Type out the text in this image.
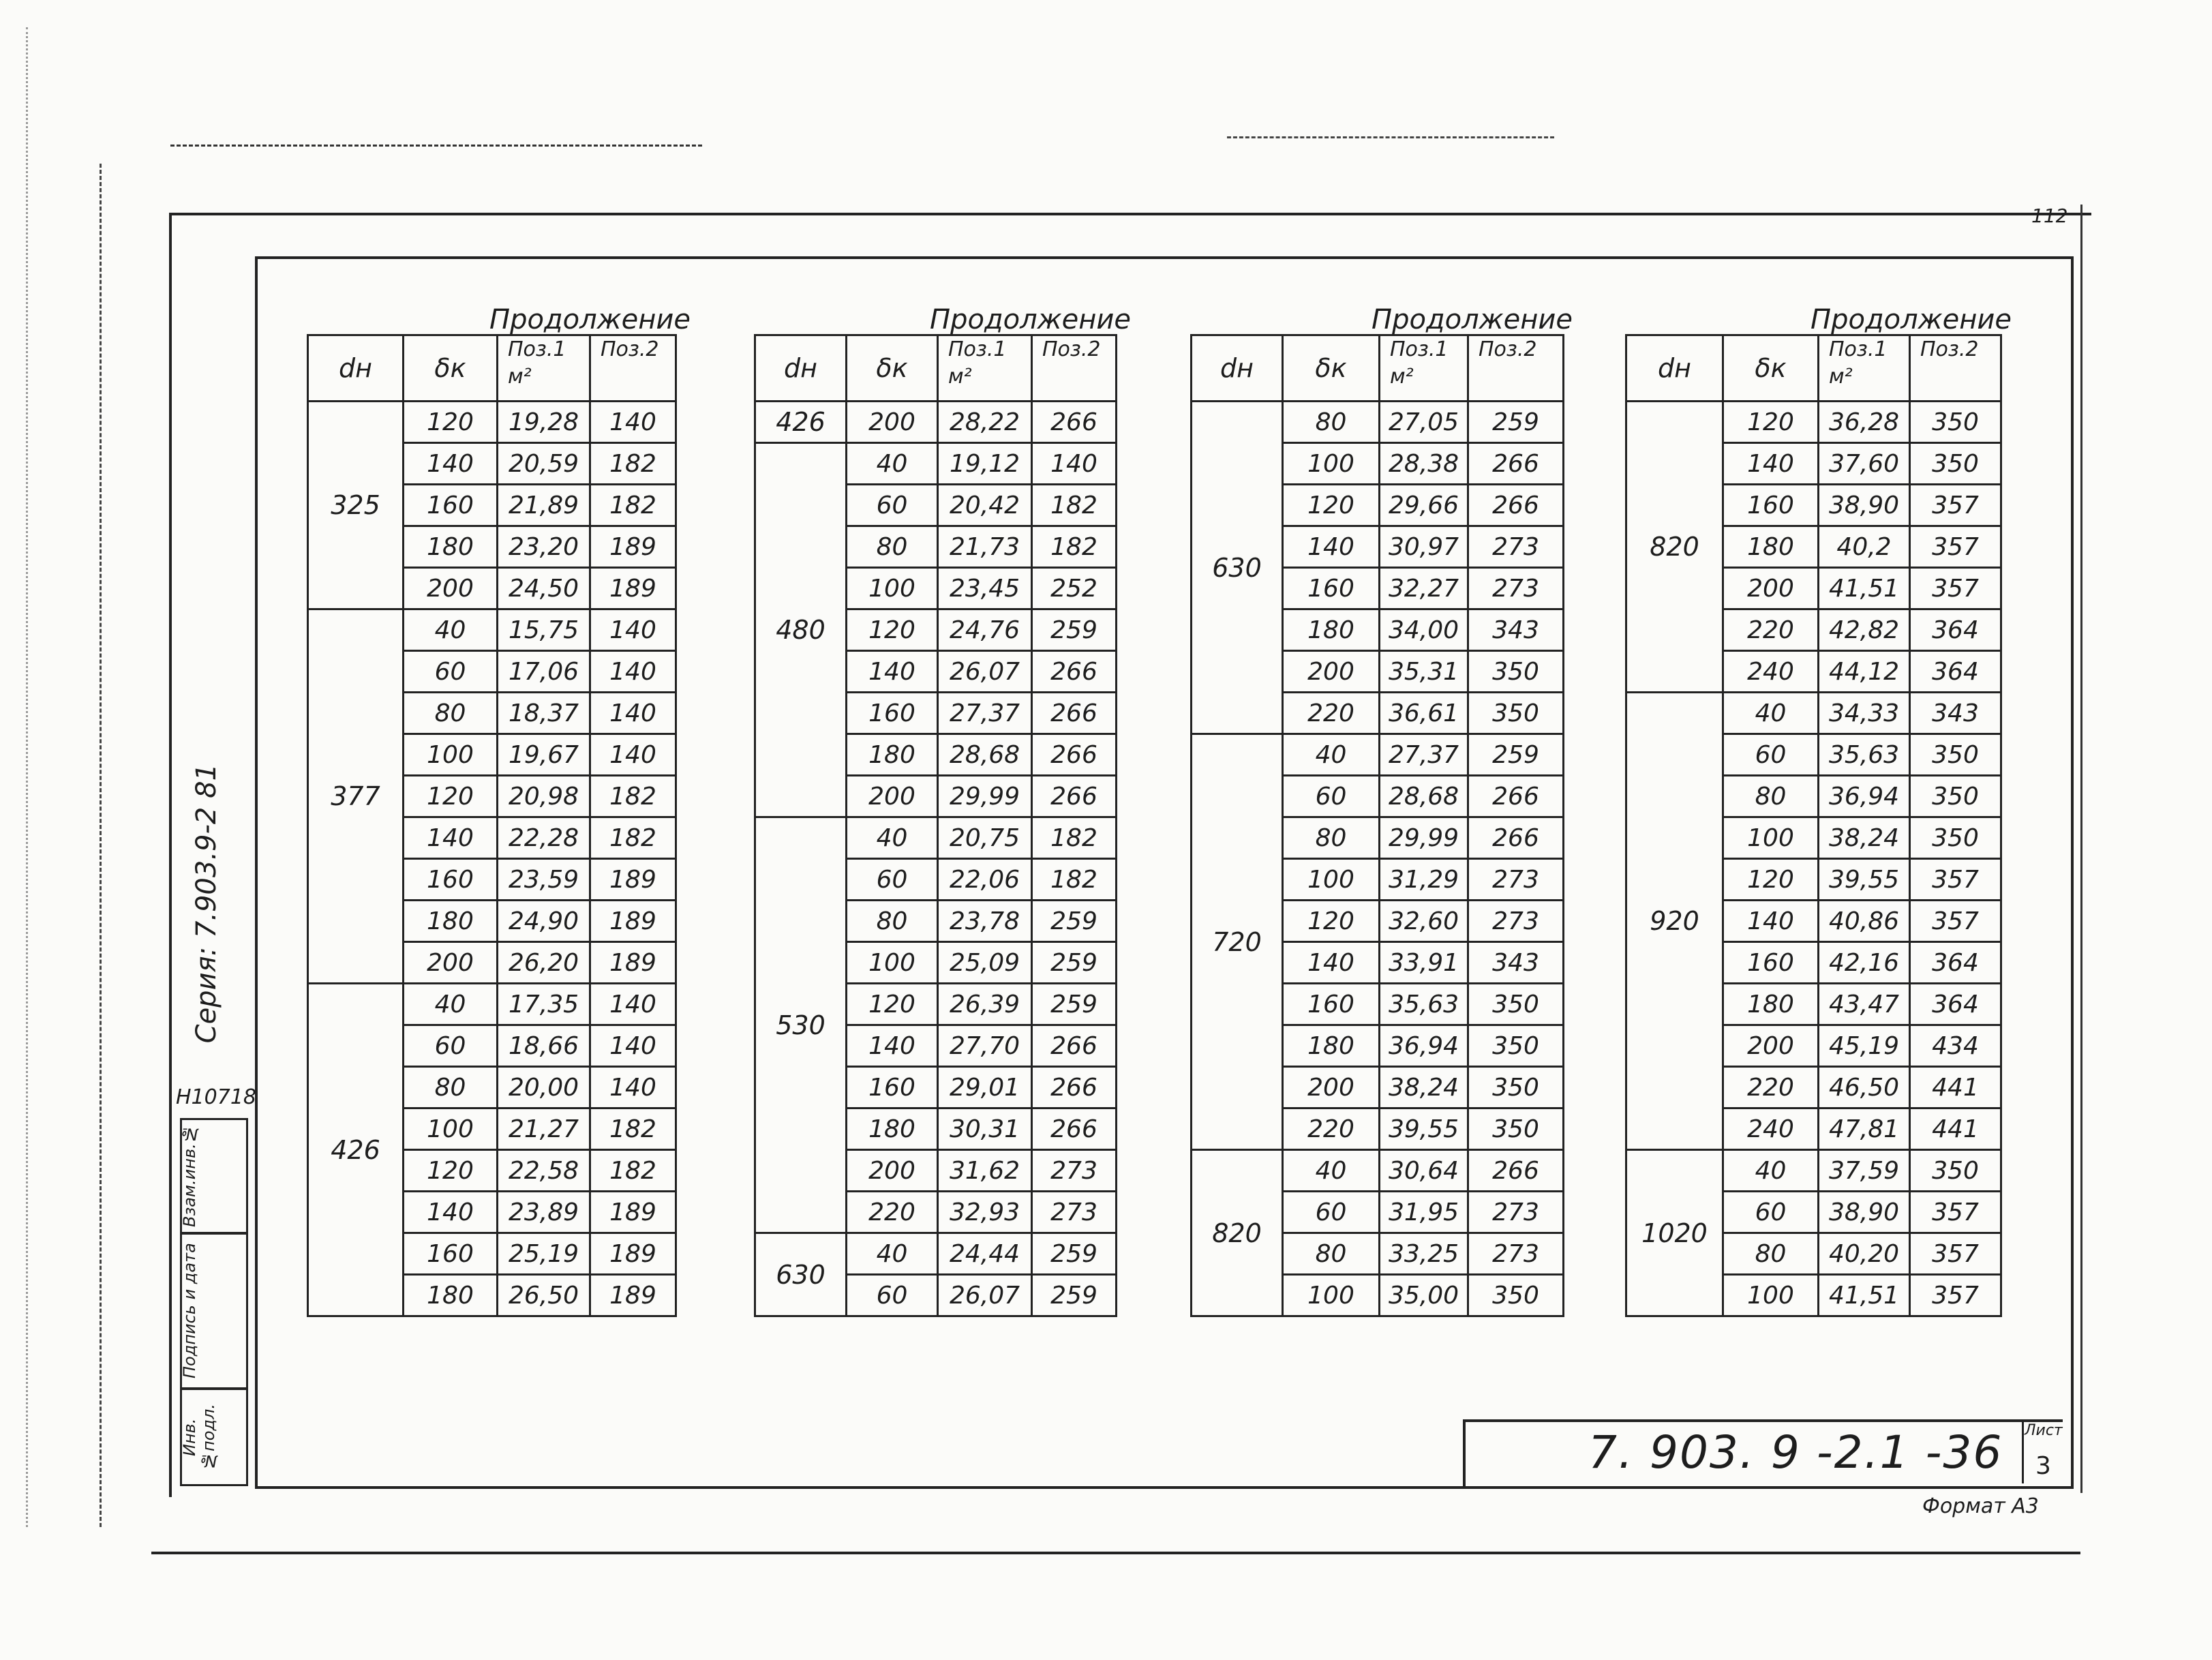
112
Серия: 7.903.9-2 81
Н10718
Взам.инв.№
Подпись и дата
Инв.№подл.
Продолжение
dн	δк	Поз.1 м²	Поз.2
325	120	19,28	140
	140	20,59	182
	160	21,89	182
	180	23,20	189
	200	24,50	189
377	40	15,75	140
	60	17,06	140
	80	18,37	140
	100	19,67	140
	120	20,98	182
	140	22,28	182
	160	23,59	189
	180	24,90	189
	200	26,20	189
426	40	17,35	140
	60	18,66	140
	80	20,00	140
	100	21,27	182
	120	22,58	182
	140	23,89	189
	160	25,19	189
	180	26,50	189
Продолжение
dн	δк	Поз.1 м²	Поз.2
426	200	28,22	266
480	40	19,12	140
	60	20,42	182
	80	21,73	182
	100	23,45	252
	120	24,76	259
	140	26,07	266
	160	27,37	266
	180	28,68	266
	200	29,99	266
530	40	20,75	182
	60	22,06	182
	80	23,78	259
	100	25,09	259
	120	26,39	259
	140	27,70	266
	160	29,01	266
	180	30,31	266
	200	31,62	273
	220	32,93	273
630	40	24,44	259
	60	26,07	259
Продолжение
dн	δк	Поз.1 м²	Поз.2
630	80	27,05	259
	100	28,38	266
	120	29,66	266
	140	30,97	273
	160	32,27	273
	180	34,00	343
	200	35,31	350
	220	36,61	350
720	40	27,37	259
	60	28,68	266
	80	29,99	266
	100	31,29	273
	120	32,60	273
	140	33,91	343
	160	35,63	350
	180	36,94	350
	200	38,24	350
	220	39,55	350
820	40	30,64	266
	60	31,95	273
	80	33,25	273
	100	35,00	350
Продолжение
dн	δк	Поз.1 м²	Поз.2
820	120	36,28	350
	140	37,60	350
	160	38,90	357
	180	40,2	357
	200	41,51	357
	220	42,82	364
	240	44,12	364
920	40	34,33	343
	60	35,63	350
	80	36,94	350
	100	38,24	350
	120	39,55	357
	140	40,86	357
	160	42,16	364
	180	43,47	364
	200	45,19	434
	220	46,50	441
	240	47,81	441
1020	40	37,59	350
	60	38,90	357
	80	40,20	357
	100	41,51	357
7. 903. 9 -2.1 -36 Лист
3
Формат А3
